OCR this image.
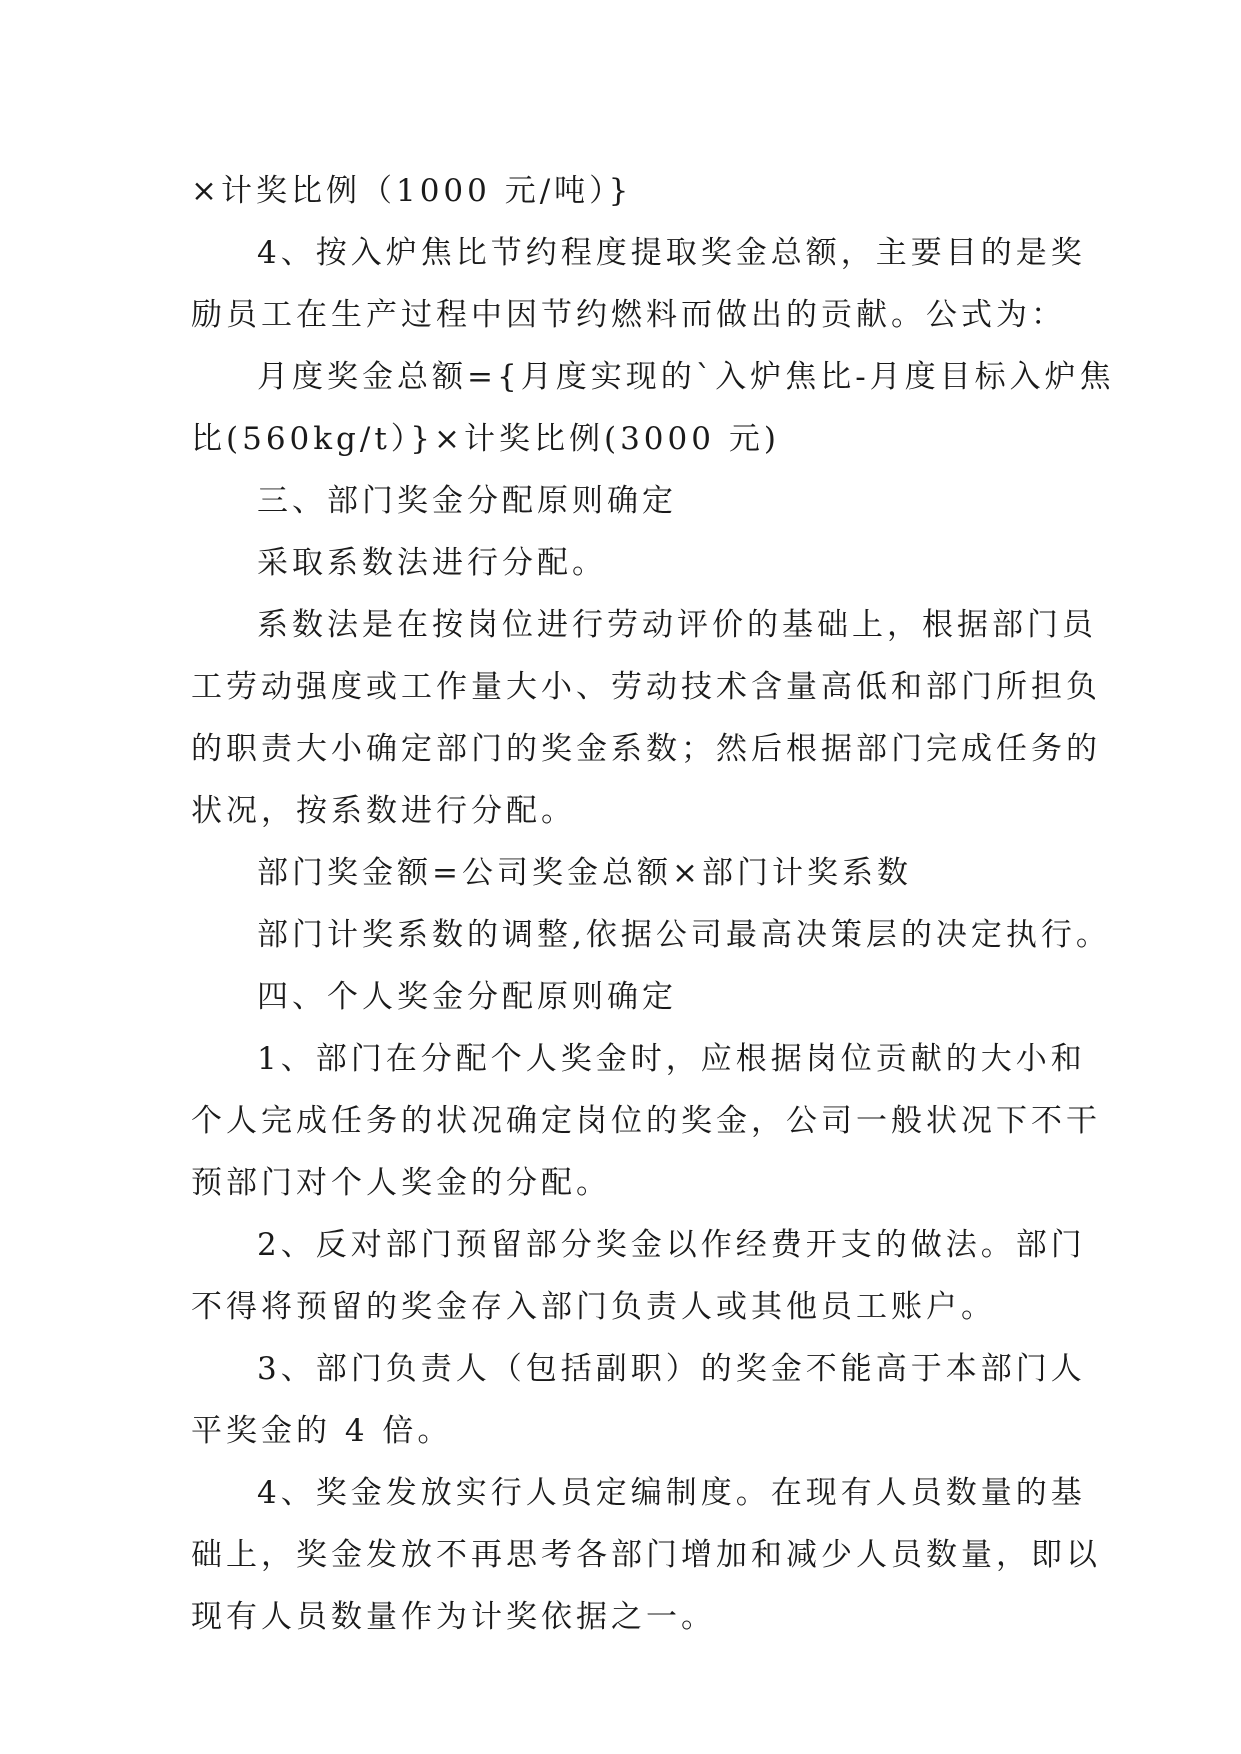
×计奖比例（1000 元/吨）}
4、按入炉焦比节约程度提取奖金总额，主要目的是奖
励员工在生产过程中因节约燃料而做出的贡献。公式为：
月度奖金总额={月度实现的`入炉焦比-月度目标入炉焦
比(560kg/t）}×计奖比例(3000 元)
三、部门奖金分配原则确定
采取系数法进行分配。
系数法是在按岗位进行劳动评价的基础上，根据部门员
工劳动强度或工作量大小、劳动技术含量高低和部门所担负
的职责大小确定部门的奖金系数；然后根据部门完成任务的
状况，按系数进行分配。
部门奖金额=公司奖金总额×部门计奖系数
部门计奖系数的调整,依据公司最高决策层的决定执行。
四、个人奖金分配原则确定
1、部门在分配个人奖金时，应根据岗位贡献的大小和
个人完成任务的状况确定岗位的奖金，公司一般状况下不干
预部门对个人奖金的分配。
2、反对部门预留部分奖金以作经费开支的做法。部门
不得将预留的奖金存入部门负责人或其他员工账户。
3、部门负责人（包括副职）的奖金不能高于本部门人
平奖金的 4 倍。
4、奖金发放实行人员定编制度。在现有人员数量的基
础上，奖金发放不再思考各部门增加和减少人员数量，即以
现有人员数量作为计奖依据之一。
